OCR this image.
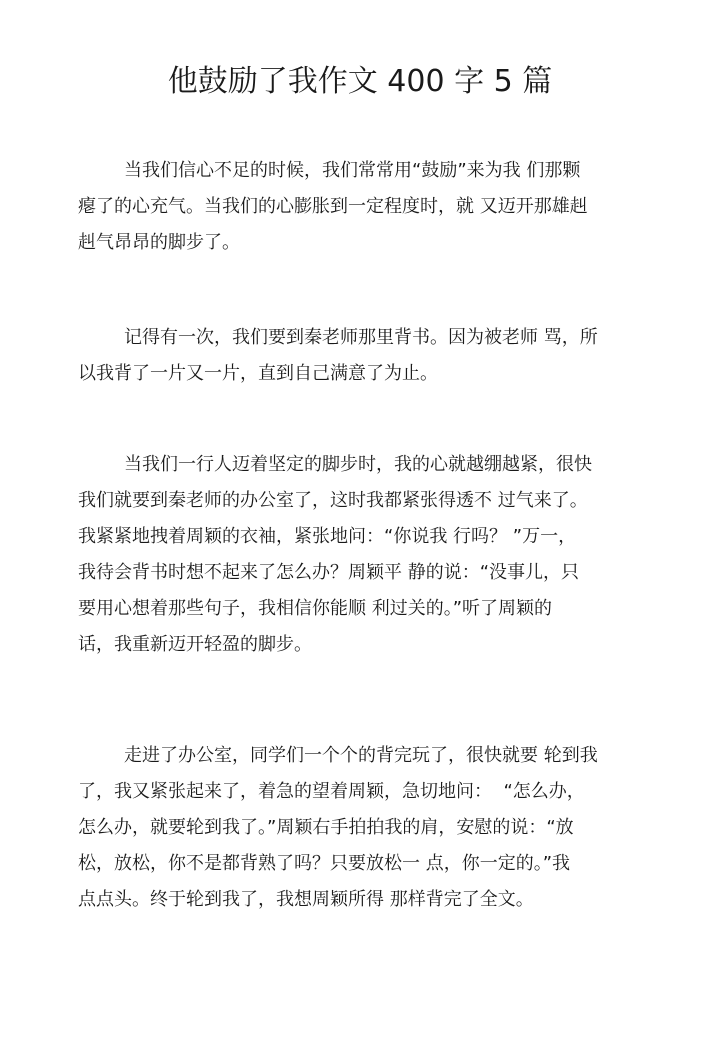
他鼓励了我作文 400 字 5 篇
当我们信心不足的时候，我们常常用“鼓励”来为我 们那颗
瘪了的心充气。当我们的心膨胀到一定程度时，就 又迈开那雄赳
赳气昂昂的脚步了。
记得有一次，我们要到秦老师那里背书。因为被老师 骂，所
以我背了一片又一片，直到自己满意了为止。
当我们一行人迈着坚定的脚步时，我的心就越绷越紧，很快
我们就要到秦老师的办公室了，这时我都紧张得透不 过气来了。
我紧紧地拽着周颖的衣袖，紧张地问：“你说我 行吗？ ”万一，
我待会背书时想不起来了怎么办？周颖平 静的说：“没事儿，只
要用心想着那些句子，我相信你能顺 利过关的。”听了周颖的
话，我重新迈开轻盈的脚步。
走进了办公室，同学们一个个的背完玩了，很快就要 轮到我
了，我又紧张起来了，着急的望着周颖，急切地问：  “怎么办，
怎么办，就要轮到我了。”周颖右手拍拍我的肩，安慰的说：“放
松，放松，你不是都背熟了吗？只要放松一 点，你一定的。”我
点点头。终于轮到我了，我想周颖所得 那样背完了全文。
